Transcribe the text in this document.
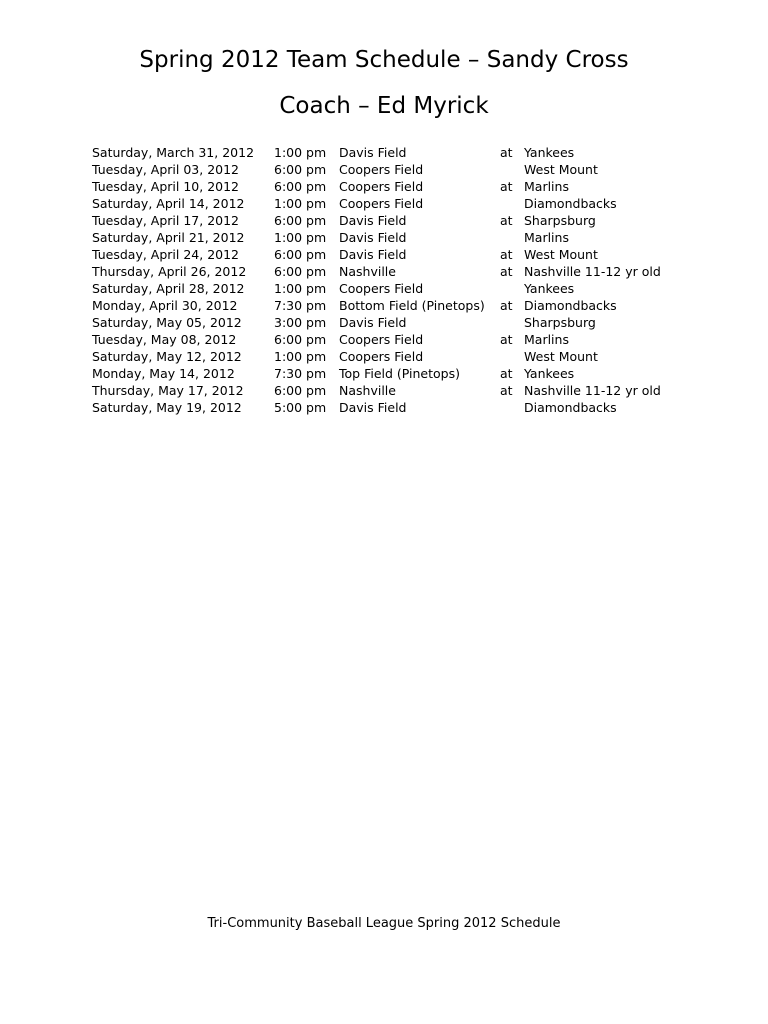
Spring 2012 Team Schedule – Sandy Cross
Coach – Ed Myrick
Saturday, March 31, 2012	1:00 pm	Davis Field	at	Yankees
Tuesday, April 03, 2012	6:00 pm	Coopers Field		West Mount
Tuesday, April 10, 2012	6:00 pm	Coopers Field	at	Marlins
Saturday, April 14, 2012	1:00 pm	Coopers Field		Diamondbacks
Tuesday, April 17, 2012	6:00 pm	Davis Field	at	Sharpsburg
Saturday, April 21, 2012	1:00 pm	Davis Field		Marlins
Tuesday, April 24, 2012	6:00 pm	Davis Field	at	West Mount
Thursday, April 26, 2012	6:00 pm	Nashville	at	Nashville 11-12 yr old
Saturday, April 28, 2012	1:00 pm	Coopers Field		Yankees
Monday, April 30, 2012	7:30 pm	Bottom Field (Pinetops)	at	Diamondbacks
Saturday, May 05, 2012	3:00 pm	Davis Field		Sharpsburg
Tuesday, May 08, 2012	6:00 pm	Coopers Field	at	Marlins
Saturday, May 12, 2012	1:00 pm	Coopers Field		West Mount
Monday, May 14, 2012	7:30 pm	Top Field (Pinetops)	at	Yankees
Thursday, May 17, 2012	6:00 pm	Nashville	at	Nashville 11-12 yr old
Saturday, May 19, 2012	5:00 pm	Davis Field		Diamondbacks
Tri-Community Baseball League Spring 2012 Schedule
